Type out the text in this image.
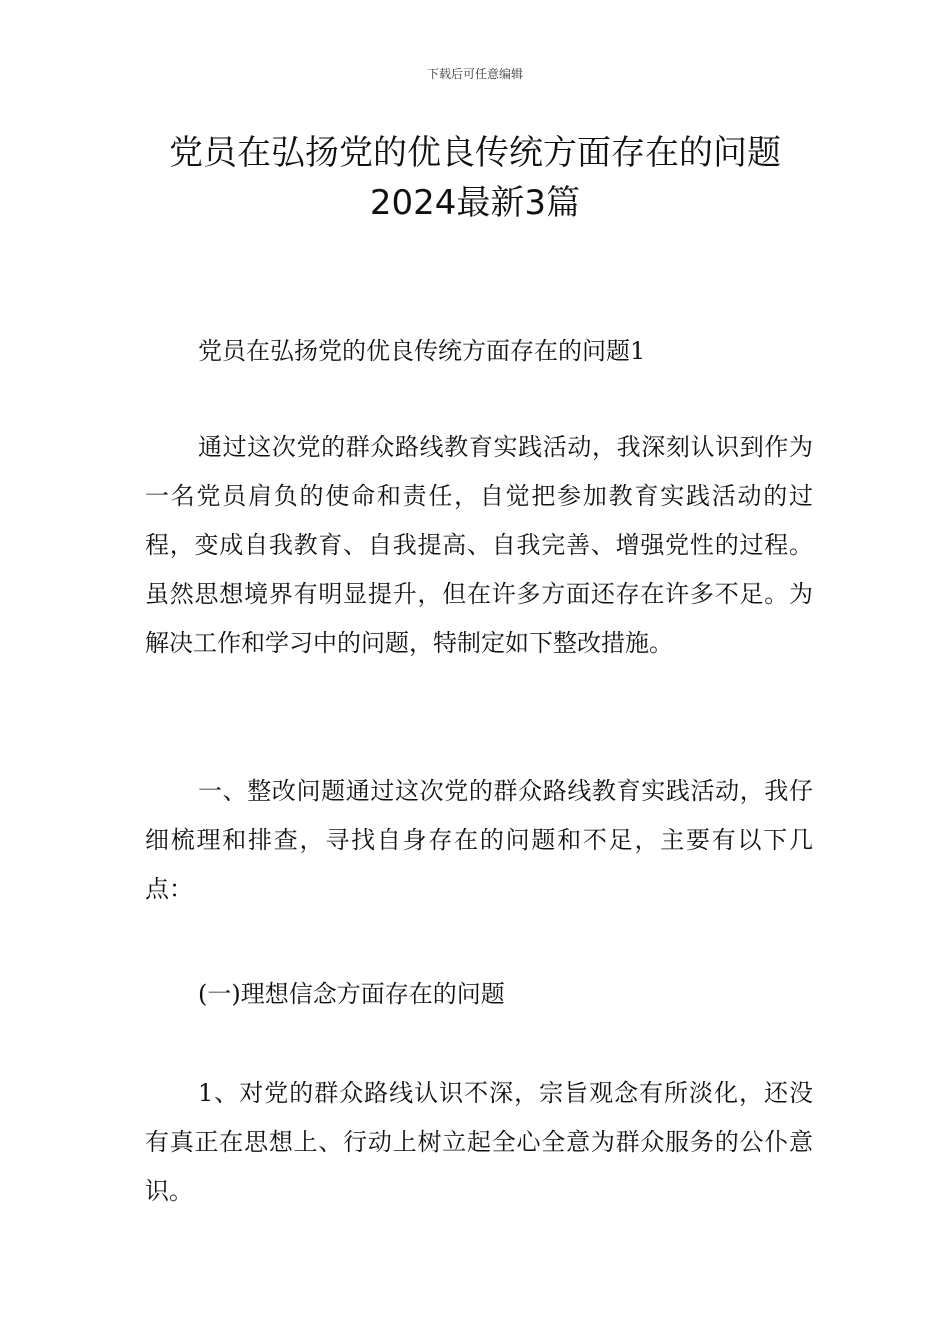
下载后可任意编辑
党员在弘扬党的优良传统方面存在的问题
2024最新3篇

党员在弘扬党的优良传统方面存在的问题1

通过这次党的群众路线教育实践活动，我深刻认识到作为一名党员肩负的使命和责任，自觉把参加教育实践活动的过程，变成自我教育、自我提高、自我完善、增强党性的过程。虽然思想境界有明显提升，但在许多方面还存在许多不足。为解决工作和学习中的问题，特制定如下整改措施。

一、整改问题通过这次党的群众路线教育实践活动，我仔细梳理和排查，寻找自身存在的问题和不足，主要有以下几点：

(一)理想信念方面存在的问题

1、对党的群众路线认识不深，宗旨观念有所淡化，还没有真正在思想上、行动上树立起全心全意为群众服务的公仆意识。
